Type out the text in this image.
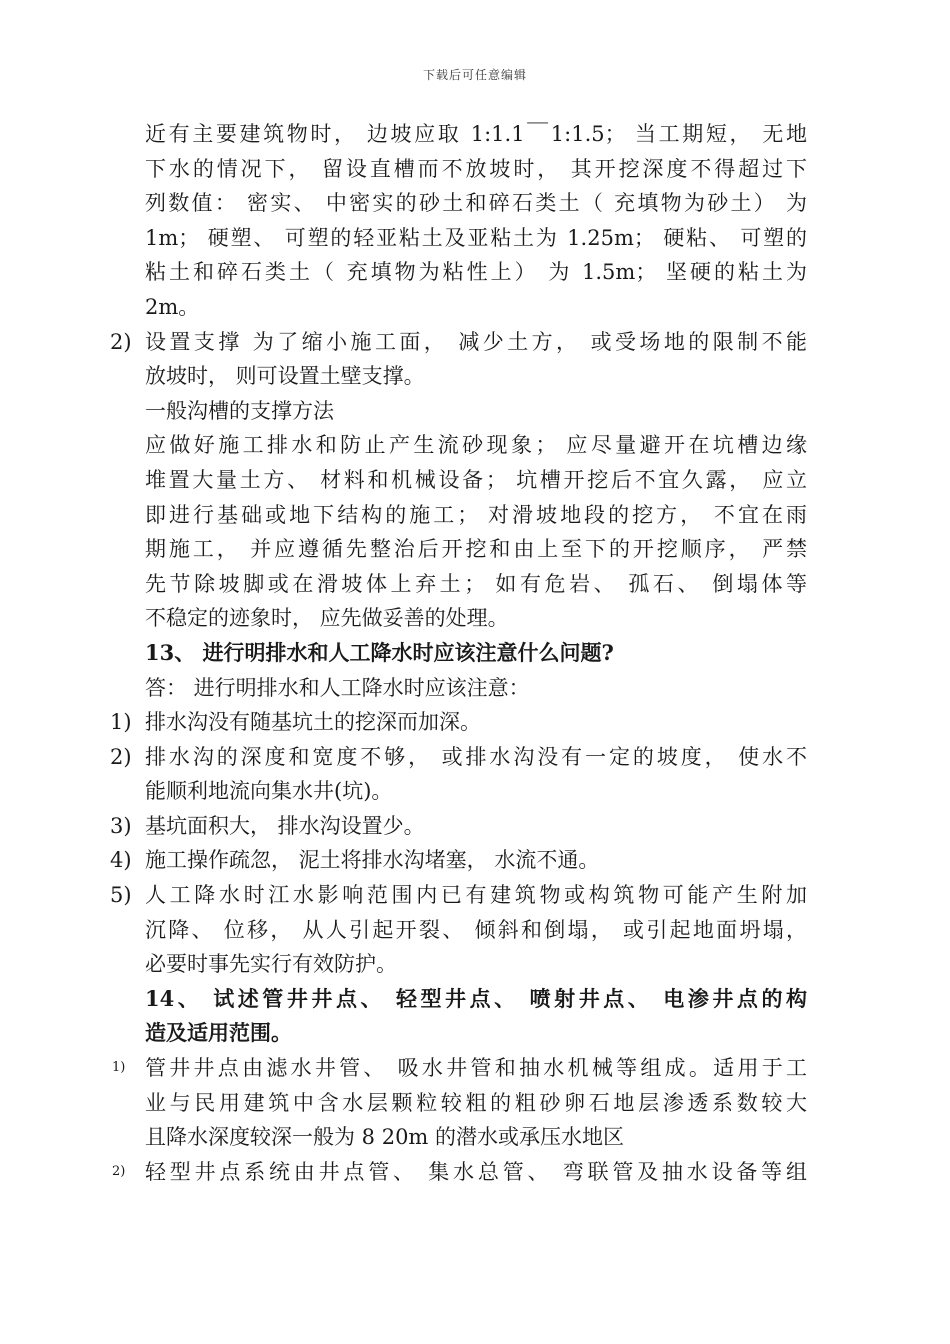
下载后可任意编辑
近有主要建筑物时， 边坡应取 1:1.1￣1:1.5； 当工期短， 无地
下水的情况下， 留设直槽而不放坡时， 其开挖深度不得超过下
列数值： 密实、 中密实的砂土和碎石类土（ 充填物为砂土） 为
1m； 硬塑、 可塑的轻亚粘土及亚粘土为 1.25m； 硬粘、 可塑的
粘土和碎石类土（ 充填物为粘性上） 为 1.5m； 坚硬的粘土为
2m。
2) 设置支撑 为了缩小施工面， 减少土方， 或受场地的限制不能
放坡时， 则可设置土壁支撑。
一般沟槽的支撑方法
应做好施工排水和防止产生流砂现象； 应尽量避开在坑槽边缘
堆置大量土方、 材料和机械设备； 坑槽开挖后不宜久露， 应立
即进行基础或地下结构的施工； 对滑坡地段的挖方， 不宜在雨
期施工， 并应遵循先整治后开挖和由上至下的开挖顺序， 严禁
先节除坡脚或在滑坡体上弃土； 如有危岩、 孤石、 倒塌体等
不稳定的迹象时， 应先做妥善的处理。
13、 进行明排水和人工降水时应该注意什么问题?
答： 进行明排水和人工降水时应该注意：
1) 排水沟没有随基坑土的挖深而加深。
2) 排水沟的深度和宽度不够， 或排水沟没有一定的坡度， 使水不
能顺利地流向集水井(坑)。
3) 基坑面积大， 排水沟设置少。
4) 施工操作疏忽， 泥土将排水沟堵塞， 水流不通。
5) 人工降水时江水影响范围内已有建筑物或构筑物可能产生附加
沉降、 位移， 从人引起开裂、 倾斜和倒塌， 或引起地面坍塌，
必要时事先实行有效防护。
14、 试述管井井点、 轻型井点、 喷射井点、 电渗井点的构
造及适用范围。
1) 管井井点由滤水井管、 吸水井管和抽水机械等组成。适用于工
业与民用建筑中含水层颗粒较粗的粗砂卵石地层渗透系数较大
且降水深度较深一般为 8 20m 的潜水或承压水地区
2) 轻型井点系统由井点管、 集水总管、 弯联管及抽水设备等组
